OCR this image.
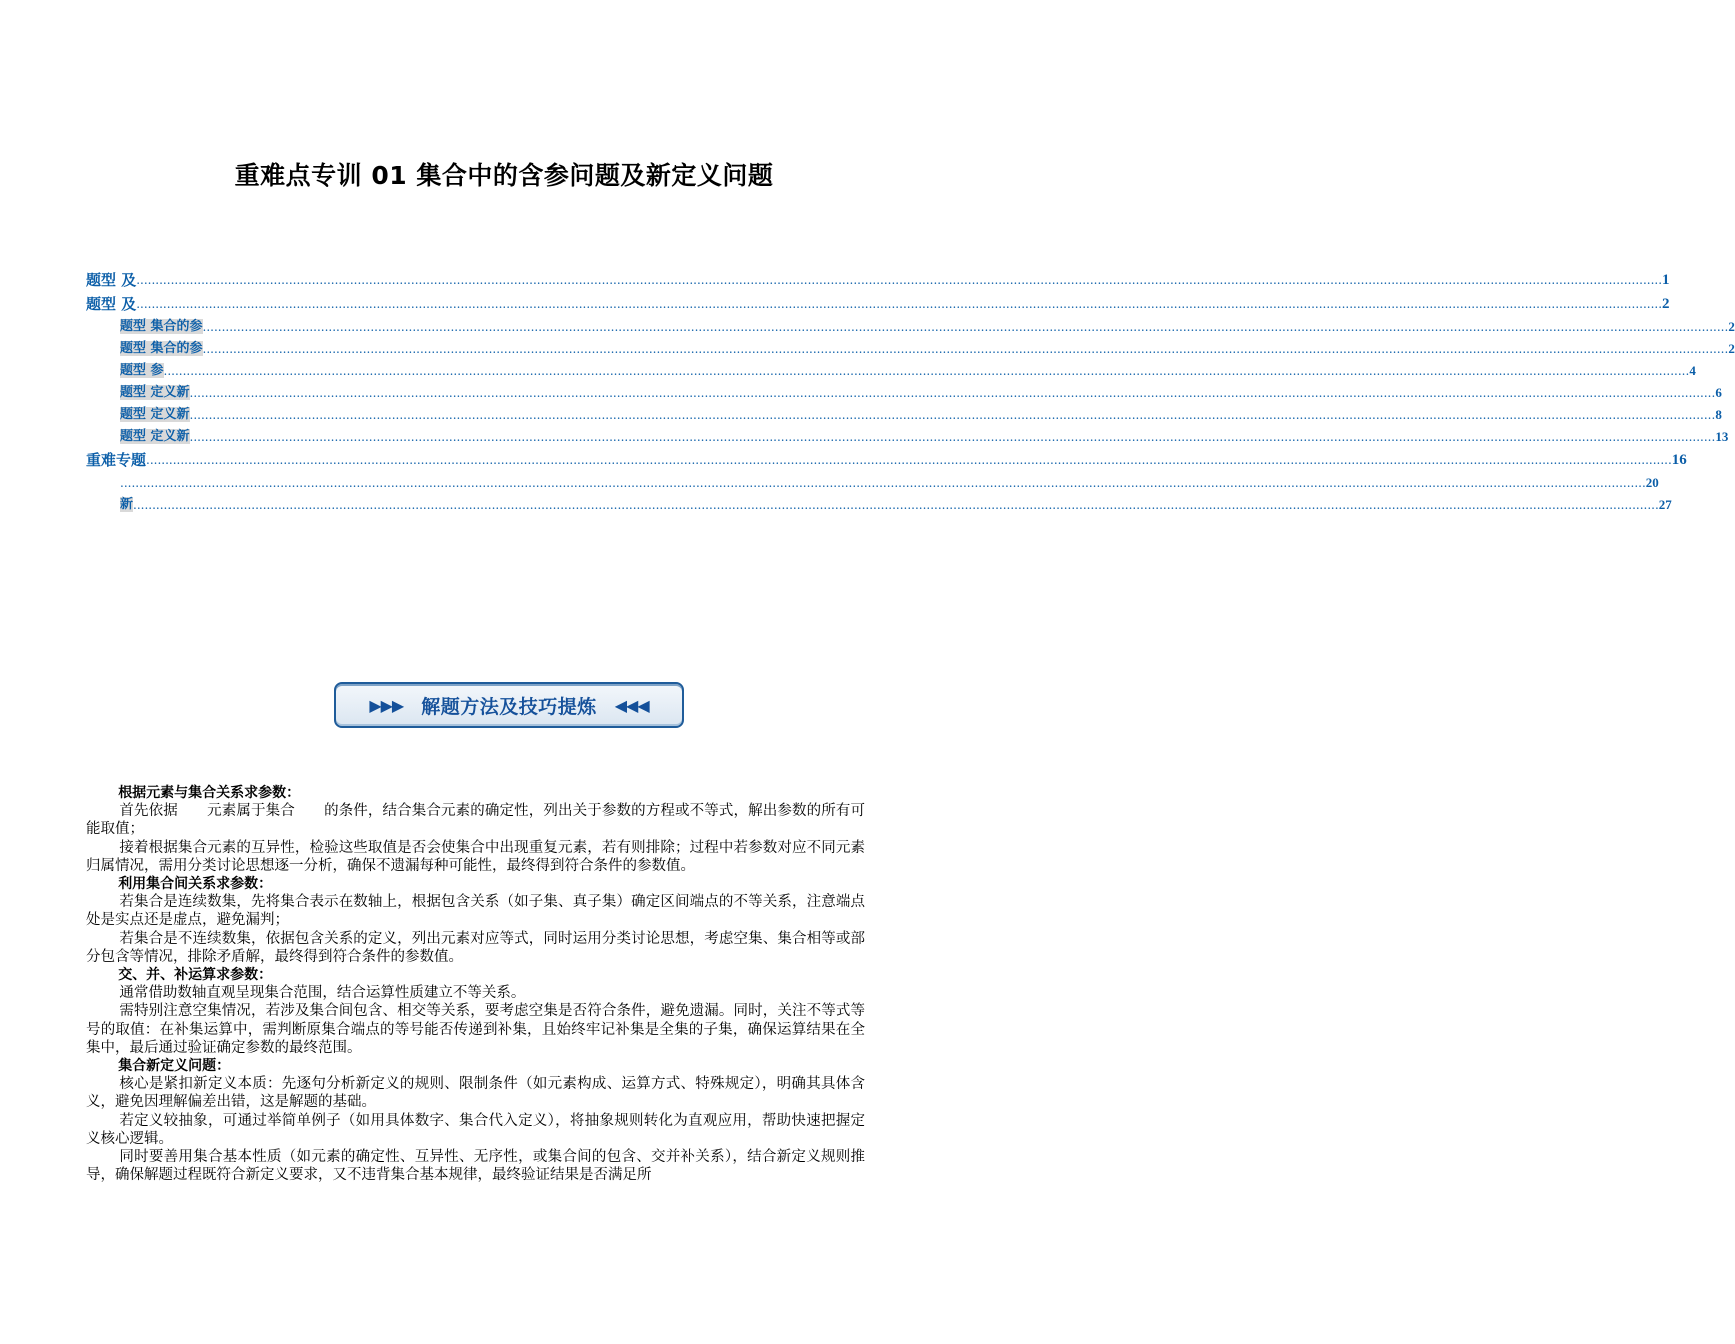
重难点专训 01 集合中的含参问题及新定义问题
题型 及 ................................................................................................................................................................................................................................................................................................................................................................................................................ 1
题型 及 ................................................................................................................................................................................................................................................................................................................................................................................................................ 2
题型 集合的参 ................................................................................................................................................................................................................................................................................................................................................................................................................ 2
题型 集合的参 ................................................................................................................................................................................................................................................................................................................................................................................................................ 2
题型 参 ................................................................................................................................................................................................................................................................................................................................................................................................................ 4
题型 定义新 ................................................................................................................................................................................................................................................................................................................................................................................................................ 6
题型 定义新 ................................................................................................................................................................................................................................................................................................................................................................................................................ 8
题型 定义新 ................................................................................................................................................................................................................................................................................................................................................................................................................ 13
重难专题 ................................................................................................................................................................................................................................................................................................................................................................................................................ 16
................................................................................................................................................................................................................................................................................................................................................................................................................ 20
新 ................................................................................................................................................................................................................................................................................................................................................................................................................ 27
▶▶▶ 解题方法及技巧提炼 ◀◀◀

根据元素与集合关系求参数：

首先依据　　元素属于集合　　的条件，结合集合元素的确定性，列出关于参数的方程或不等式，解出参数的所有可能取值；

接着根据集合元素的互异性，检验这些取值是否会使集合中出现重复元素，若有则排除；过程中若参数对应不同元素归属情况，需用分类讨论思想逐一分析，确保不遗漏每种可能性，最终得到符合条件的参数值。

利用集合间关系求参数：

若集合是连续数集，先将集合表示在数轴上，根据包含关系（如子集、真子集）确定区间端点的不等关系，注意端点处是实点还是虚点，避免漏判；

若集合是不连续数集，依据包含关系的定义，列出元素对应等式，同时运用分类讨论思想，考虑空集、集合相等或部分包含等情况，排除矛盾解，最终得到符合条件的参数值。

交、并、补运算求参数：

通常借助数轴直观呈现集合范围，结合运算性质建立不等关系。

需特别注意空集情况，若涉及集合间包含、相交等关系，要考虑空集是否符合条件，避免遗漏。同时，关注不等式等号的取值：在补集运算中，需判断原集合端点的等号能否传递到补集，且始终牢记补集是全集的子集，确保运算结果在全集中，最后通过验证确定参数的最终范围。

集合新定义问题：

核心是紧扣新定义本质：先逐句分析新定义的规则、限制条件（如元素构成、运算方式、特殊规定），明确其具体含义，避免因理解偏差出错，这是解题的基础。

若定义较抽象，可通过举简单例子（如用具体数字、集合代入定义），将抽象规则转化为直观应用，帮助快速把握定义核心逻辑。

同时要善用集合基本性质（如元素的确定性、互异性、无序性，或集合间的包含、交并补关系），结合新定义规则推导，确保解题过程既符合新定义要求，又不违背集合基本规律，最终验证结果是否满足所
